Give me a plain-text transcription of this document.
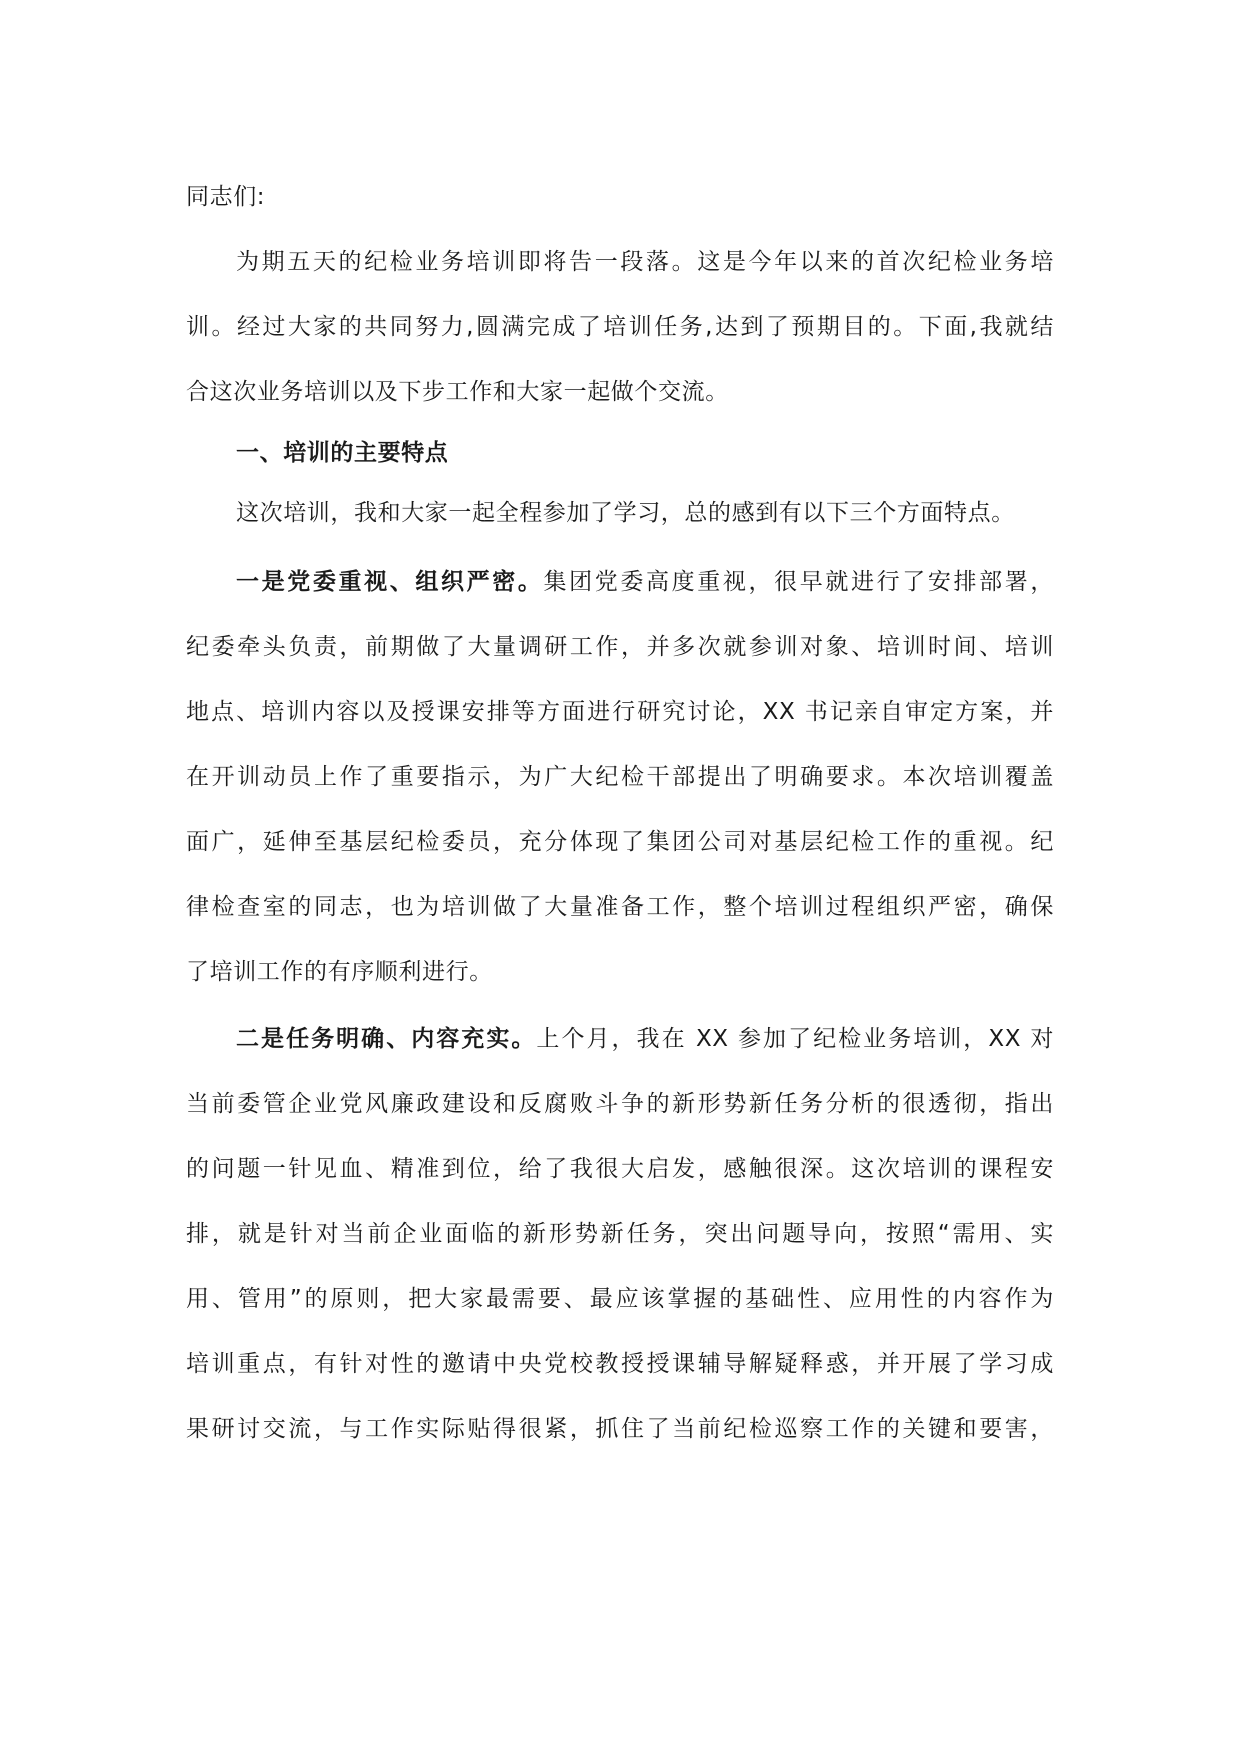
同志们:
为期五天的纪检业务培训即将告一段落。这是今年以来的首次纪检业务培
训。经过大家的共同努力,圆满完成了培训任务,达到了预期目的。下面,我就结
合这次业务培训以及下步工作和大家一起做个交流。
一、培训的主要特点
这次培训，我和大家一起全程参加了学习，总的感到有以下三个方面特点。
一是党委重视、组织严密。集团党委高度重视，很早就进行了安排部署，
纪委牵头负责，前期做了大量调研工作，并多次就参训对象、培训时间、培训
地点、培训内容以及授课安排等方面进行研究讨论，XX 书记亲自审定方案，并
在开训动员上作了重要指示，为广大纪检干部提出了明确要求。本次培训覆盖
面广，延伸至基层纪检委员，充分体现了集团公司对基层纪检工作的重视。纪
律检查室的同志，也为培训做了大量准备工作，整个培训过程组织严密，确保
了培训工作的有序顺利进行。
二是任务明确、内容充实。上个月，我在 XX 参加了纪检业务培训，XX 对
当前委管企业党风廉政建设和反腐败斗争的新形势新任务分析的很透彻，指出
的问题一针见血、精准到位，给了我很大启发，感触很深。这次培训的课程安
排，就是针对当前企业面临的新形势新任务，突出问题导向，按照“需用、实
用、管用”的原则，把大家最需要、最应该掌握的基础性、应用性的内容作为
培训重点，有针对性的邀请中央党校教授授课辅导解疑释惑，并开展了学习成
果研讨交流，与工作实际贴得很紧，抓住了当前纪检巡察工作的关键和要害，
